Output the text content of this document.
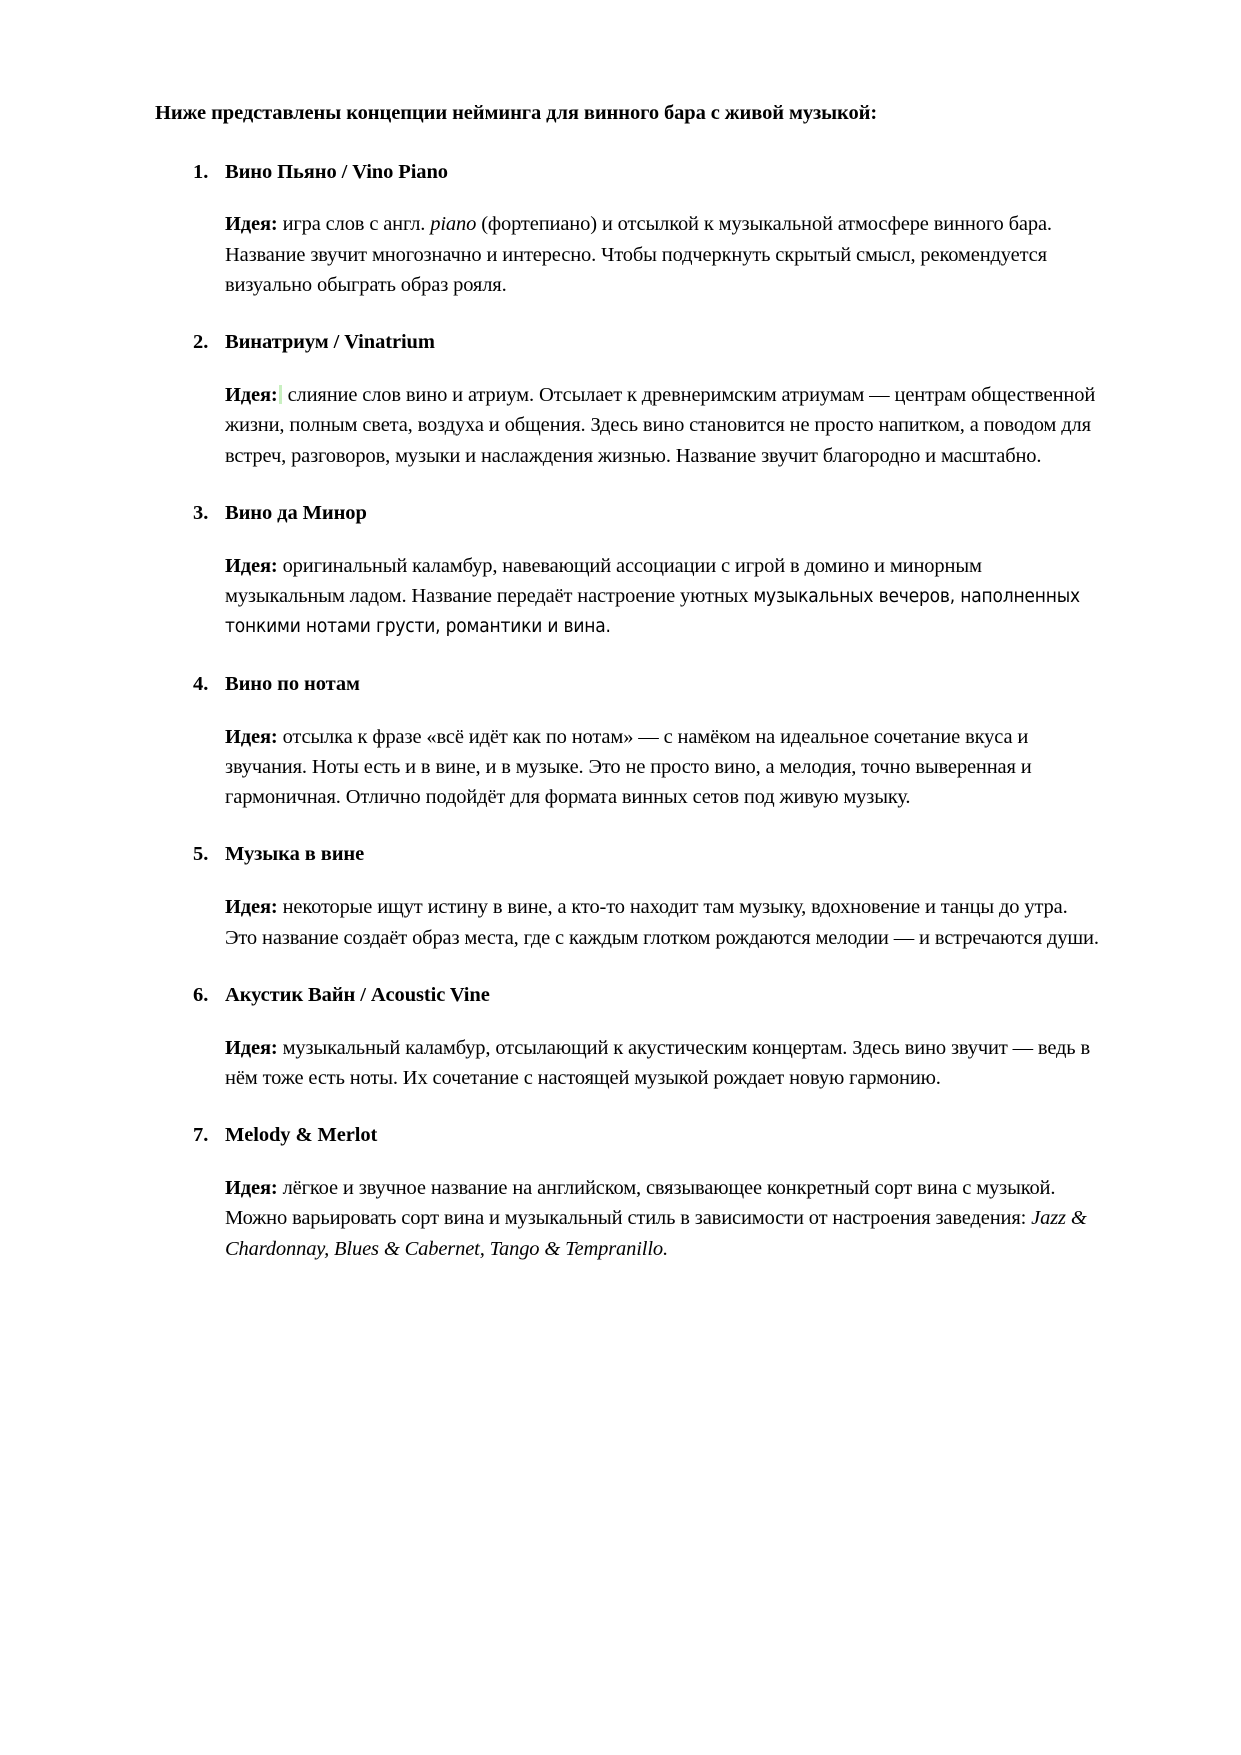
Ниже представлены концепции нейминга для винного бара с живой музыкой:

Вино Пьяно / Vino Piano

Идея: игра слов с англ. piano (фортепиано) и отсылкой к музыкальной атмосфере винного бара. Название звучит многозначно и интересно. Чтобы подчеркнуть скрытый смысл, рекомендуется визуально обыграть образ рояля.

Винатриум / Vinatrium

Идея: слияние слов вино и атриум. Отсылает к древнеримским атриумам — центрам общественной жизни, полным света, воздуха и общения. Здесь вино становится не просто напитком, а поводом для встреч, разговоров, музыки и наслаждения жизнью. Название звучит благородно и масштабно.

Вино да Минор

Идея: оригинальный каламбур, навевающий ассоциации с игрой в домино и минорным музыкальным ладом. Название передаёт настроение уютных музыкальных вечеров, наполненных тонкими нотами грусти, романтики и вина.

Вино по нотам

Идея: отсылка к фразе «всё идёт как по нотам» — с намёком на идеальное сочетание вкуса и звучания. Ноты есть и в вине, и в музыке. Это не просто вино, а мелодия, точно выверенная и гармоничная. Отлично подойдёт для формата винных сетов под живую музыку.

Музыка в вине

Идея: некоторые ищут истину в вине, а кто-то находит там музыку, вдохновение и танцы до утра. Это название создаёт образ места, где с каждым глотком рождаются мелодии — и встречаются души.

Акустик Вайн / Acoustic Vine

Идея: музыкальный каламбур, отсылающий к акустическим концертам. Здесь вино звучит — ведь в нём тоже есть ноты. Их сочетание с настоящей музыкой рождает новую гармонию.

Melody & Merlot

Идея: лёгкое и звучное название на английском, связывающее конкретный сорт вина с музыкой. Можно варьировать сорт вина и музыкальный стиль в зависимости от настроения заведения: Jazz & Chardonnay, Blues & Cabernet, Tango & Tempranillo.
